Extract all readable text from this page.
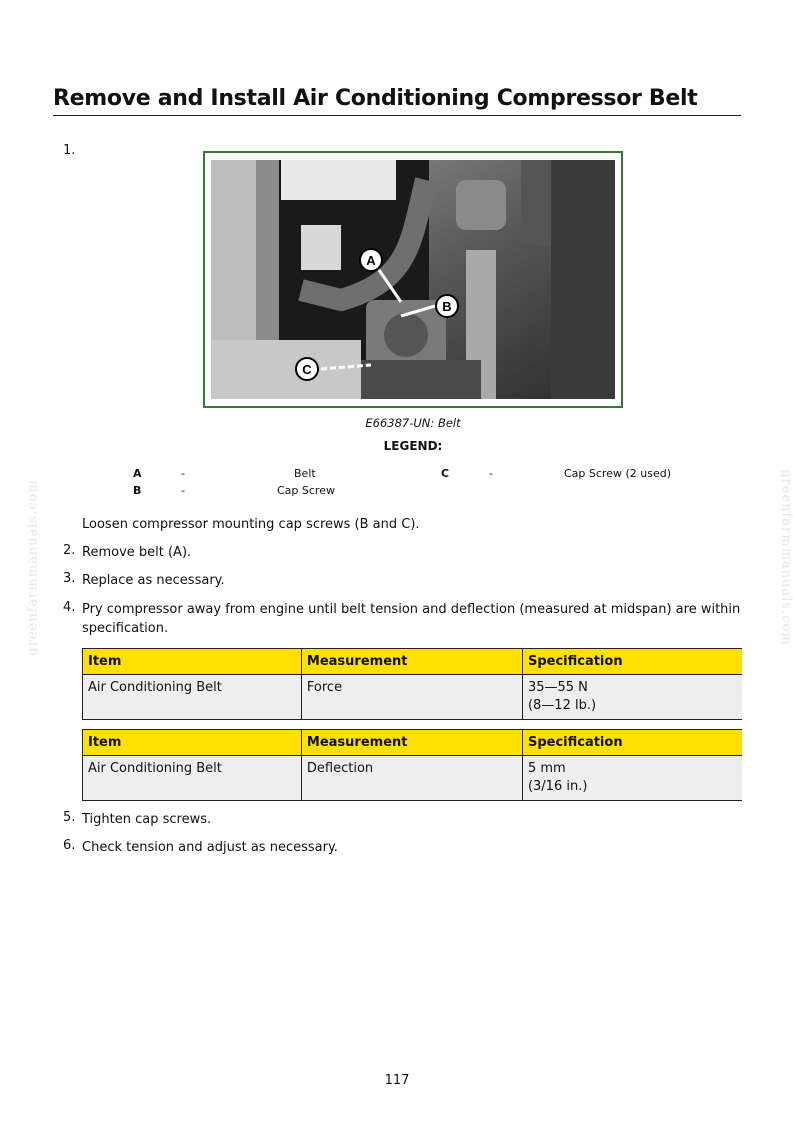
Remove and Install Air Conditioning Compressor Belt
1.
A
B
C
E66387-UN: Belt
LEGEND:
A	-	Belt
B	-	Cap Screw
C	-	Cap Screw (2 used)
Loosen compressor mounting cap screws (B and C).
2. Remove belt (A).
3. Replace as necessary.
4. Pry compressor away from engine until belt tension and deflection (measured at midspan) are within specification.
Item	Measurement	Specification
Air Conditioning Belt	Force	35—55 N
(8—12 lb.)
Item	Measurement	Specification
Air Conditioning Belt	Deflection	5 mm
(3/16 in.)
5. Tighten cap screws.
6. Check tension and adjust as necessary.
greenfarmmanuals.com	greenfarmmanuals.com
117
